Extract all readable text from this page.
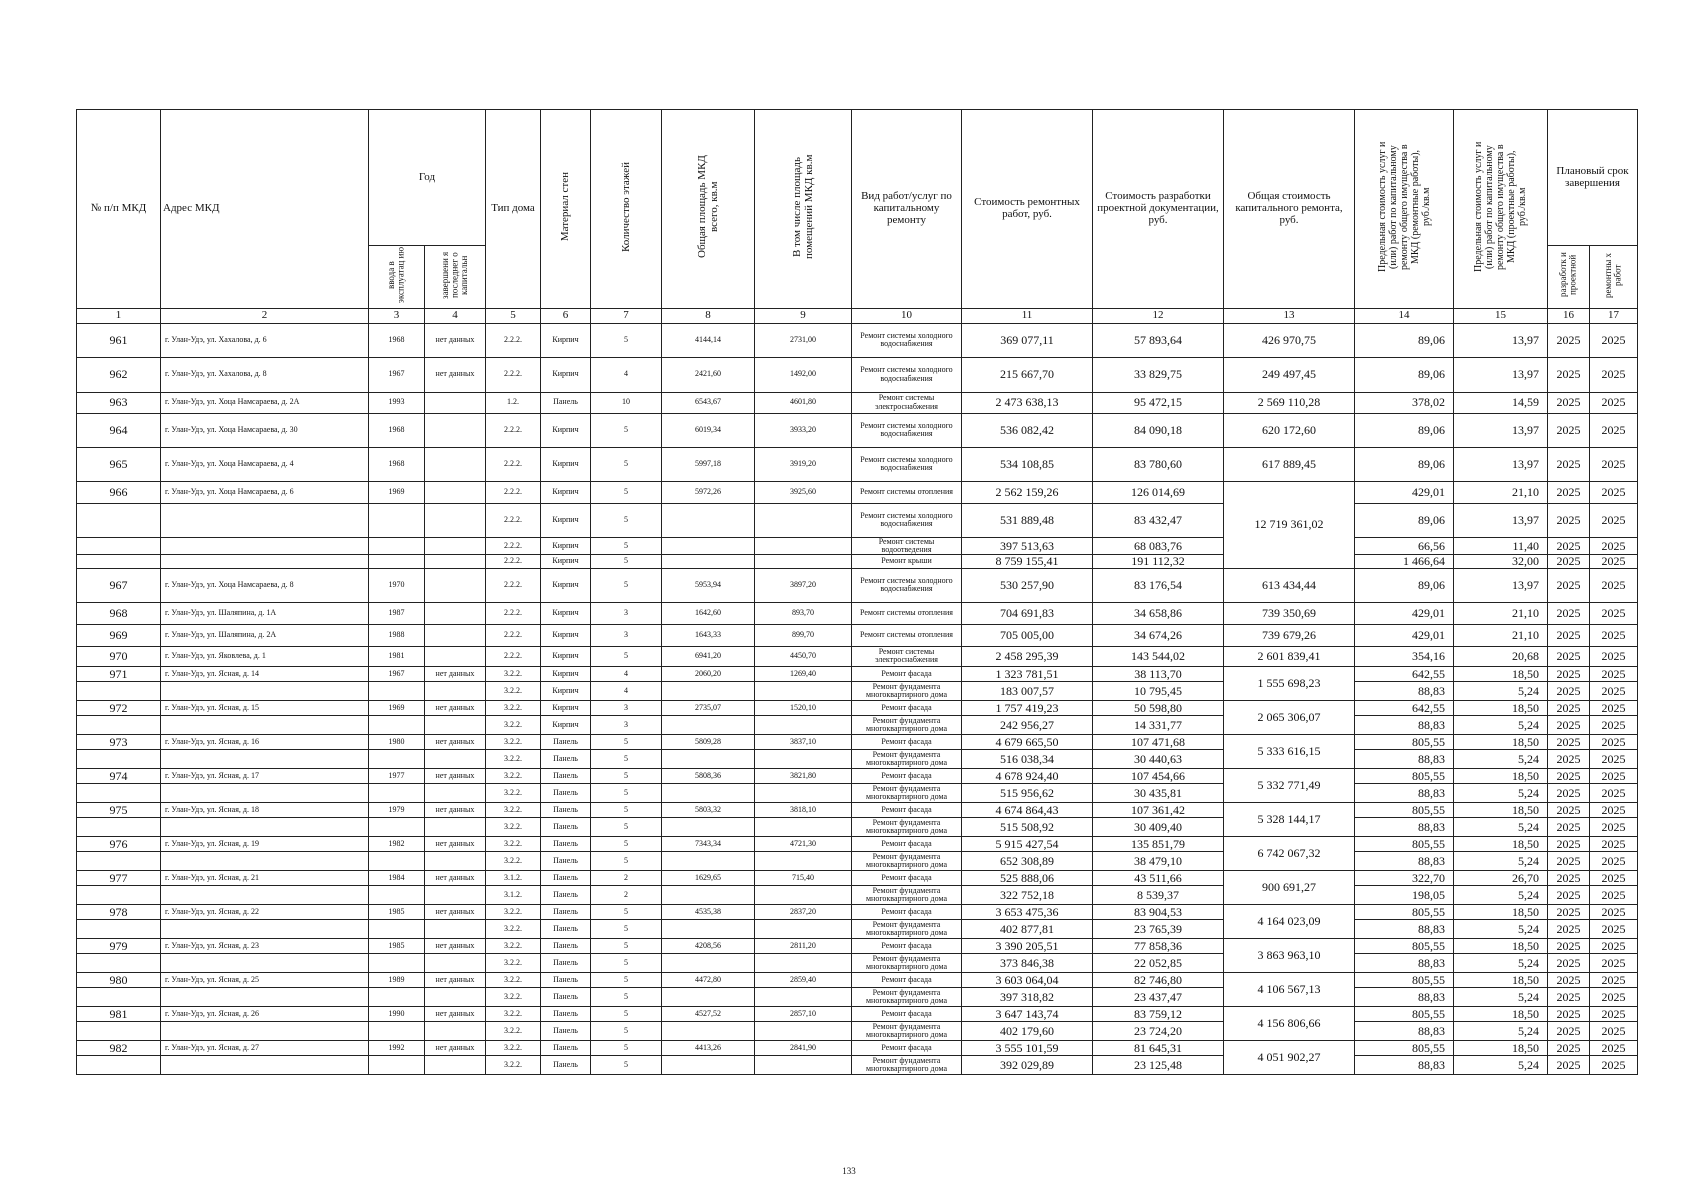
№ п/п МКД	Адрес МКД	Год		Тип дома	Материал стен	Количество этажей	Общая площадь МКД всего, кв.м	В том числе площадь помещений МКД кв.м	Вид работ/услуг по капитальному ремонту	Стоимость ремонтных работ, руб.	Стоимость разработки проектной документации, руб.	Общая стоимость капитального ремонта, руб.	Предельная стоимость услуг и (или) работ по капитальному ремонту общего имущества в МКД (ремонтные работы), руб./кв.м	Предельная стоимость услуг и (или) работ по капитальному ремонту общего имущества в МКД (проектные работы), руб./кв.м	Плановый срок завершения	
		ввода в эксплуатац ию	завершени я последнег о капитальн												разработк и проектной	ремонтны х работ
1	2	3	4	5	6	7	8	9	10	11	12	13	14	15	16	17
961	г. Улан-Удэ, ул. Хахалова, д. 6	1968	нет данных	2.2.2.	Кирпич	5	4144,14	2731,00	Ремонт системы холодного водоснабжения	369 077,11	57 893,64	426 970,75	89,06	13,97	2025	2025
962	г. Улан-Удэ, ул. Хахалова, д. 8	1967	нет данных	2.2.2.	Кирпич	4	2421,60	1492,00	Ремонт системы холодного водоснабжения	215 667,70	33 829,75	249 497,45	89,06	13,97	2025	2025
963	г. Улан-Удэ, ул. Хоца Намсараева, д. 2А	1993		1.2.	Панель	10	6543,67	4601,80	Ремонт системы электроснабжения	2 473 638,13	95 472,15	2 569 110,28	378,02	14,59	2025	2025
964	г. Улан-Удэ, ул. Хоца Намсараева, д. 30	1968		2.2.2.	Кирпич	5	6019,34	3933,20	Ремонт системы холодного водоснабжения	536 082,42	84 090,18	620 172,60	89,06	13,97	2025	2025
965	г. Улан-Удэ, ул. Хоца Намсараева, д. 4	1968		2.2.2.	Кирпич	5	5997,18	3919,20	Ремонт системы холодного водоснабжения	534 108,85	83 780,60	617 889,45	89,06	13,97	2025	2025
966	г. Улан-Удэ, ул. Хоца Намсараева, д. 6	1969		2.2.2.	Кирпич	5	5972,26	3925,60	Ремонт системы отопления	2 562 159,26	126 014,69	12 719 361,02	429,01	21,10	2025	2025
				2.2.2.	Кирпич	5			Ремонт системы холодного водоснабжения	531 889,48	83 432,47		89,06	13,97	2025	2025
				2.2.2.	Кирпич	5			Ремонт системы водоотведения	397 513,63	68 083,76		66,56	11,40	2025	2025
				2.2.2.	Кирпич	5			Ремонт крыши	8 759 155,41	191 112,32		1 466,64	32,00	2025	2025
967	г. Улан-Удэ, ул. Хоца Намсараева, д. 8	1970		2.2.2.	Кирпич	5	5953,94	3897,20	Ремонт системы холодного водоснабжения	530 257,90	83 176,54	613 434,44	89,06	13,97	2025	2025
968	г. Улан-Удэ, ул. Шаляпина, д. 1А	1987		2.2.2.	Кирпич	3	1642,60	893,70	Ремонт системы отопления	704 691,83	34 658,86	739 350,69	429,01	21,10	2025	2025
969	г. Улан-Удэ, ул. Шаляпина, д. 2А	1988		2.2.2.	Кирпич	3	1643,33	899,70	Ремонт системы отопления	705 005,00	34 674,26	739 679,26	429,01	21,10	2025	2025
970	г. Улан-Удэ, ул. Яковлева, д. 1	1981		2.2.2.	Кирпич	5	6941,20	4450,70	Ремонт системы электроснабжения	2 458 295,39	143 544,02	2 601 839,41	354,16	20,68	2025	2025
971	г. Улан-Удэ, ул. Ясная, д. 14	1967	нет данных	3.2.2.	Кирпич	4	2060,20	1269,40	Ремонт фасада	1 323 781,51	38 113,70	1 555 698,23	642,55	18,50	2025	2025
				3.2.2.	Кирпич	4			Ремонт фундамента многоквартирного дома	183 007,57	10 795,45		88,83	5,24	2025	2025
972	г. Улан-Удэ, ул. Ясная, д. 15	1969	нет данных	3.2.2.	Кирпич	3	2735,07	1520,10	Ремонт фасада	1 757 419,23	50 598,80	2 065 306,07	642,55	18,50	2025	2025
				3.2.2.	Кирпич	3			Ремонт фундамента многоквартирного дома	242 956,27	14 331,77		88,83	5,24	2025	2025
973	г. Улан-Удэ, ул. Ясная, д. 16	1980	нет данных	3.2.2.	Панель	5	5809,28	3837,10	Ремонт фасада	4 679 665,50	107 471,68	5 333 616,15	805,55	18,50	2025	2025
				3.2.2.	Панель	5			Ремонт фундамента многоквартирного дома	516 038,34	30 440,63		88,83	5,24	2025	2025
974	г. Улан-Удэ, ул. Ясная, д. 17	1977	нет данных	3.2.2.	Панель	5	5808,36	3821,80	Ремонт фасада	4 678 924,40	107 454,66	5 332 771,49	805,55	18,50	2025	2025
				3.2.2.	Панель	5			Ремонт фундамента многоквартирного дома	515 956,62	30 435,81		88,83	5,24	2025	2025
975	г. Улан-Удэ, ул. Ясная, д. 18	1979	нет данных	3.2.2.	Панель	5	5803,32	3818,10	Ремонт фасада	4 674 864,43	107 361,42	5 328 144,17	805,55	18,50	2025	2025
				3.2.2.	Панель	5			Ремонт фундамента многоквартирного дома	515 508,92	30 409,40		88,83	5,24	2025	2025
976	г. Улан-Удэ, ул. Ясная, д. 19	1982	нет данных	3.2.2.	Панель	5	7343,34	4721,30	Ремонт фасада	5 915 427,54	135 851,79	6 742 067,32	805,55	18,50	2025	2025
				3.2.2.	Панель	5			Ремонт фундамента многоквартирного дома	652 308,89	38 479,10		88,83	5,24	2025	2025
977	г. Улан-Удэ, ул. Ясная, д. 21	1984	нет данных	3.1.2.	Панель	2	1629,65	715,40	Ремонт фасада	525 888,06	43 511,66	900 691,27	322,70	26,70	2025	2025
				3.1.2.	Панель	2			Ремонт фундамента многоквартирного дома	322 752,18	8 539,37		198,05	5,24	2025	2025
978	г. Улан-Удэ, ул. Ясная, д. 22	1985	нет данных	3.2.2.	Панель	5	4535,38	2837,20	Ремонт фасада	3 653 475,36	83 904,53	4 164 023,09	805,55	18,50	2025	2025
				3.2.2.	Панель	5			Ремонт фундамента многоквартирного дома	402 877,81	23 765,39		88,83	5,24	2025	2025
979	г. Улан-Удэ, ул. Ясная, д. 23	1985	нет данных	3.2.2.	Панель	5	4208,56	2811,20	Ремонт фасада	3 390 205,51	77 858,36	3 863 963,10	805,55	18,50	2025	2025
				3.2.2.	Панель	5			Ремонт фундамента многоквартирного дома	373 846,38	22 052,85		88,83	5,24	2025	2025
980	г. Улан-Удэ, ул. Ясная, д. 25	1989	нет данных	3.2.2.	Панель	5	4472,80	2859,40	Ремонт фасада	3 603 064,04	82 746,80	4 106 567,13	805,55	18,50	2025	2025
				3.2.2.	Панель	5			Ремонт фундамента многоквартирного дома	397 318,82	23 437,47		88,83	5,24	2025	2025
981	г. Улан-Удэ, ул. Ясная, д. 26	1990	нет данных	3.2.2.	Панель	5	4527,52	2857,10	Ремонт фасада	3 647 143,74	83 759,12	4 156 806,66	805,55	18,50	2025	2025
				3.2.2.	Панель	5			Ремонт фундамента многоквартирного дома	402 179,60	23 724,20		88,83	5,24	2025	2025
982	г. Улан-Удэ, ул. Ясная, д. 27	1992	нет данных	3.2.2.	Панель	5	4413,26	2841,90	Ремонт фасада	3 555 101,59	81 645,31	4 051 902,27	805,55	18,50	2025	2025
				3.2.2.	Панель	5			Ремонт фундамента многоквартирного дома	392 029,89	23 125,48		88,83	5,24	2025	2025
133
